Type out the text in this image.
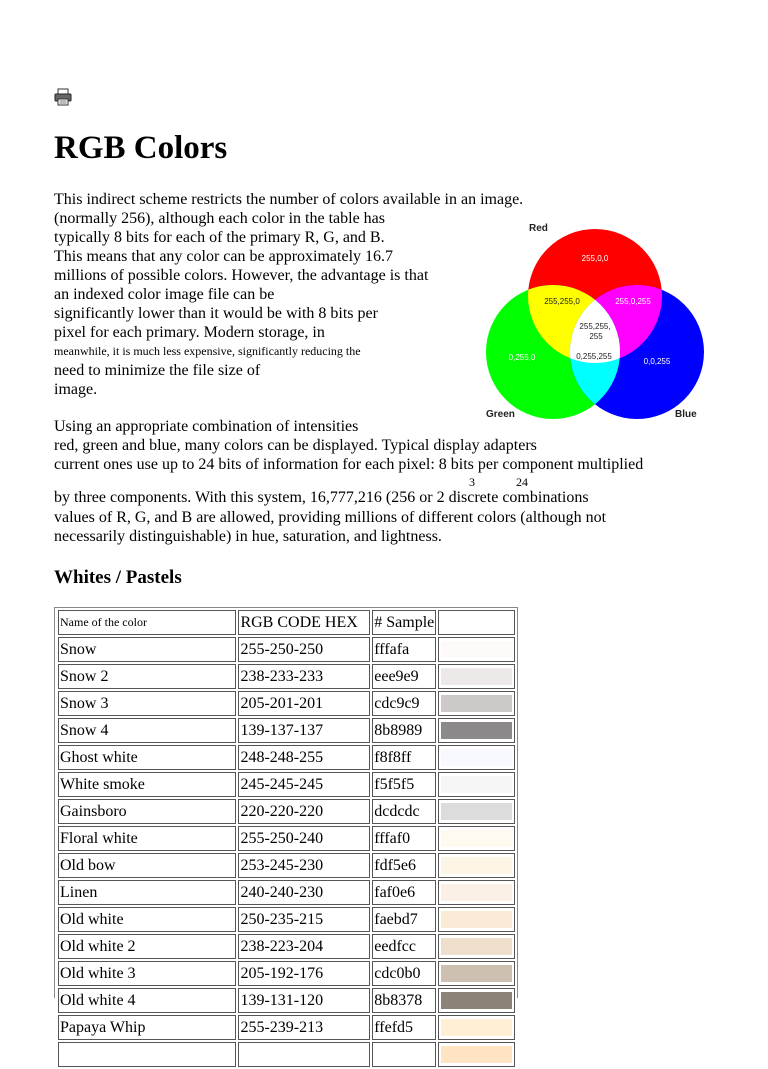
RGB Colors
This indirect scheme restricts the number of colors available in an image.
(normally 256), although each color in the table has
typically 8 bits for each of the primary R, G, and B.
This means that any color can be approximately 16.7
millions of possible colors. However, the advantage is that
an indexed color image file can be
significantly lower than it would be with 8 bits per
pixel for each primary. Modern storage, in
meanwhile, it is much less expensive, significantly reducing the
need to minimize the file size of
image.
255,0,0
0,255,0	0,0,255
255,0,255
255,255,0
0,255,255
255,255,
255
Red
Green	Blue
Using an appropriate combination of intensities
red, green and blue, many colors can be displayed. Typical display adapters
current ones use up to 24 bits of information for each pixel: 8 bits per component multiplied
3	24
by three components. With this system, 16,777,216 (256 or 2 discrete combinations
values of R, G, and B are allowed, providing millions of different colors (although not
necessarily distinguishable) in hue, saturation, and lightness.
Whites / Pastels
Name of the color	RGB CODE HEX	# Sample	
Snow	255-250-250	fffafa	

Snow 2	238-233-233	eee9e9	

Snow 3	205-201-201	cdc9c9	

Snow 4	139-137-137	8b8989	

Ghost white	248-248-255	f8f8ff	

White smoke	245-245-245	f5f5f5	

Gainsboro	220-220-220	dcdcdc	

Floral white	255-250-240	fffaf0	

Old bow	253-245-230	fdf5e6	

Linen	240-240-230	faf0e6	

Old white	250-235-215	faebd7	

Old white 2	238-223-204	eedfcc	

Old white 3	205-192-176	cdc0b0	

Old white 4	139-131-120	8b8378	

Papaya Whip	255-239-213	ffefd5	
